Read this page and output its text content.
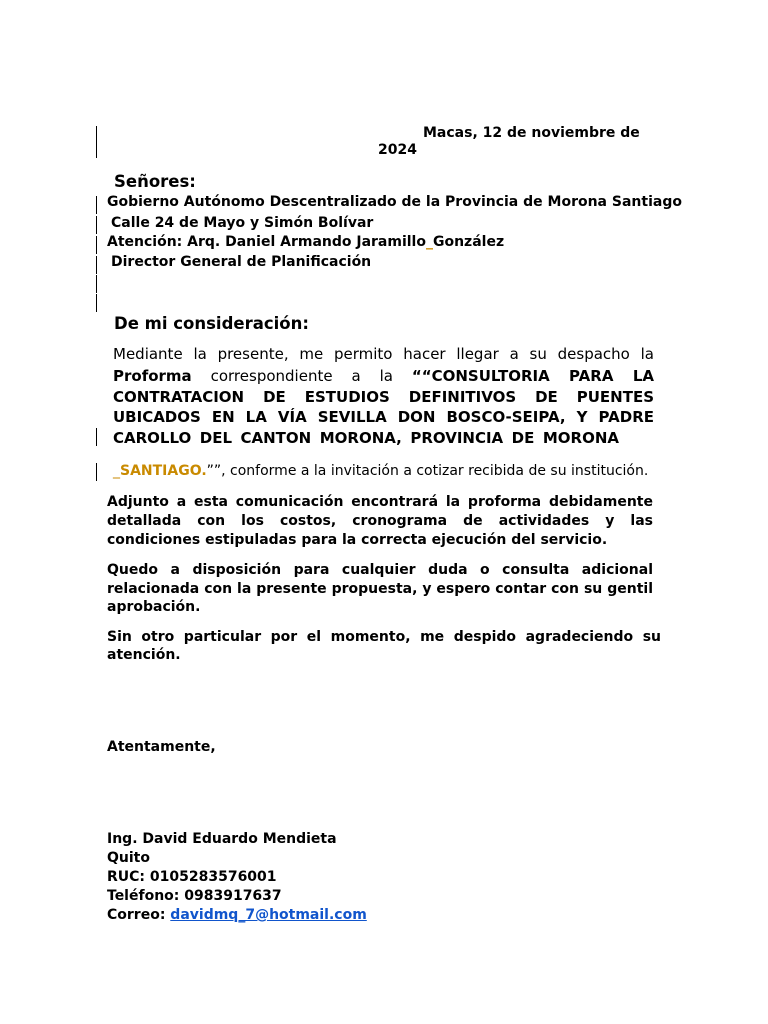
Macas, 12 de noviembre de
2024
Señores:
Gobierno Autónomo Descentralizado de la Provincia de Morona Santiago
Calle 24 de Mayo y Simón Bolívar
Atención: Arq. Daniel Armando Jaramillo_González
Director General de Planificación
De mi consideración:
Mediante la presente, me permito hacer llegar a su despacho la
Proforma correspondiente a la ““CONSULTORIA PARA LA
CONTRATACION DE ESTUDIOS DEFINITIVOS DE PUENTES
UBICADOS EN LA VÍA SEVILLA DON BOSCO-SEIPA, Y PADRE
CAROLLO DEL CANTON MORONA, PROVINCIA DE MORONA
_SANTIAGO.””, conforme a la invitación a cotizar recibida de su institución.
Adjunto a esta comunicación encontrará la proforma debidamente
detallada con los costos, cronograma de actividades y las
condiciones estipuladas para la correcta ejecución del servicio.
Quedo a disposición para cualquier duda o consulta adicional
relacionada con la presente propuesta, y espero contar con su gentil
aprobación.
Sin otro particular por el momento, me despido agradeciendo su
atención.
Atentamente,
Ing. David Eduardo Mendieta
Quito
RUC: 0105283576001
Teléfono: 0983917637
Correo: davidmq_7@hotmail.com
